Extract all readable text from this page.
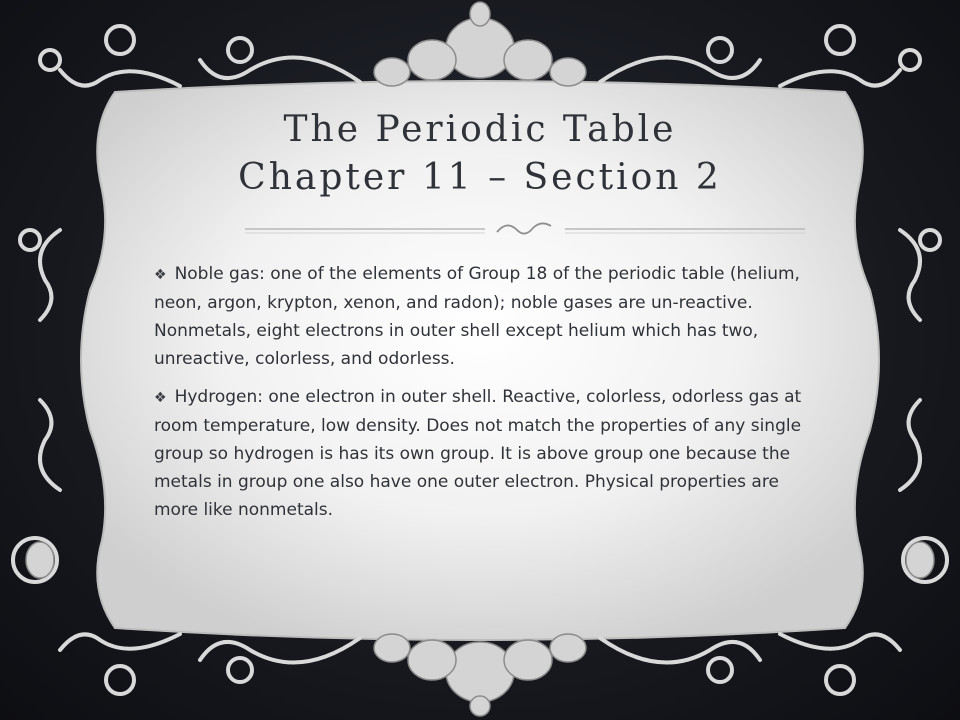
The Periodic Table
Chapter 11 – Section 2
❖ Noble gas: one of the elements of Group 18 of the periodic table (helium, neon, argon, krypton, xenon, and radon); noble gases are un-reactive. Nonmetals, eight electrons in outer shell except helium which has two, unreactive, colorless, and odorless.
❖ Hydrogen: one electron in outer shell. Reactive, colorless, odorless gas at room temperature, low density. Does not match the properties of any single group so hydrogen is has its own group. It is above group one because the metals in group one also have one outer electron. Physical properties are more like nonmetals.
